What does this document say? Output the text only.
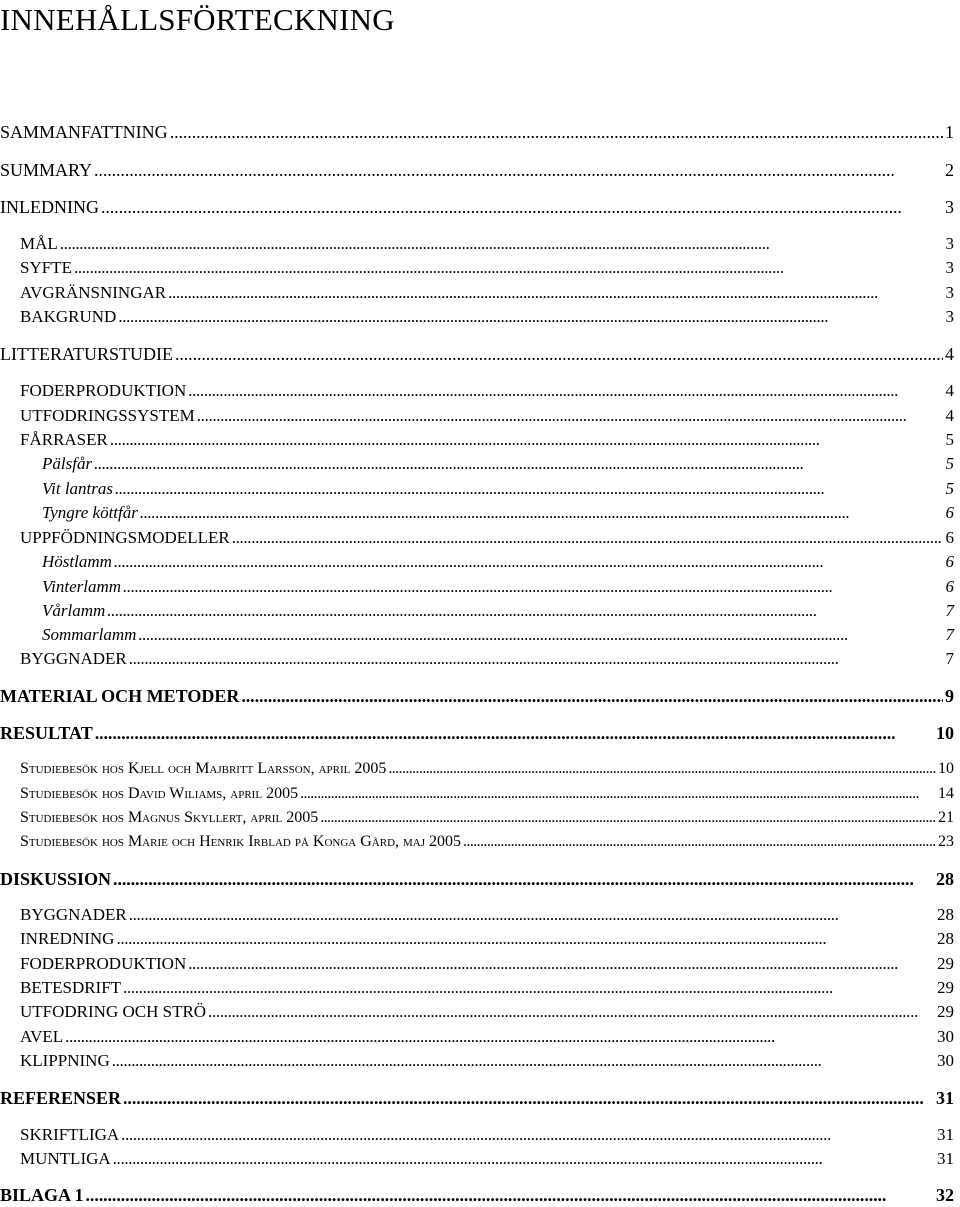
INNEHÅLLSFÖRTECKNING
SAMMANFATTNING . . .	1
SUMMARY . . .	2
INLEDNING . . .	3
MÅL . . .	3
SYFTE . . .	3
AVGRÄNSNINGAR . . .	3
BAKGRUND . . .	3
LITTERATURSTUDIE . . .	4
FODERPRODUKTION . . .	4
UTFODRINGSSYSTEM . . .	4
FÅRRASER . . .	5
Pälsfår . . .	5
Vit lantras . . .	5
Tyngre köttfår . . .	6
UPPFÖDNINGSMODELLER . . .	6
Höstlamm . . .	6
Vinterlamm . . .	6
Vårlamm . . .	7
Sommarlamm . . .	7
BYGGNADER . . .	7
MATERIAL OCH METODER . . .	9
RESULTAT . . .	10
Studiebesök hos Kjell och Majbritt Larsson, april 2005 . . .	10
Studiebesök hos David Wiliams, april 2005 . . .	14
Studiebesök hos Magnus Skyllert, april 2005 . . .	21
Studiebesök hos Marie och Henrik Irblad på Konga Gård, maj 2005 . . .	23
DISKUSSION . . .	28
BYGGNADER . . .	28
INREDNING . . .	28
FODERPRODUKTION . . .	29
BETESDRIFT . . .	29
UTFODRING OCH STRÖ . . .	29
AVEL . . .	30
KLIPPNING . . .	30
REFERENSER . . .	31
SKRIFTLIGA . . .	31
MUNTLIGA . . .	31
BILAGA 1 . . .	32
